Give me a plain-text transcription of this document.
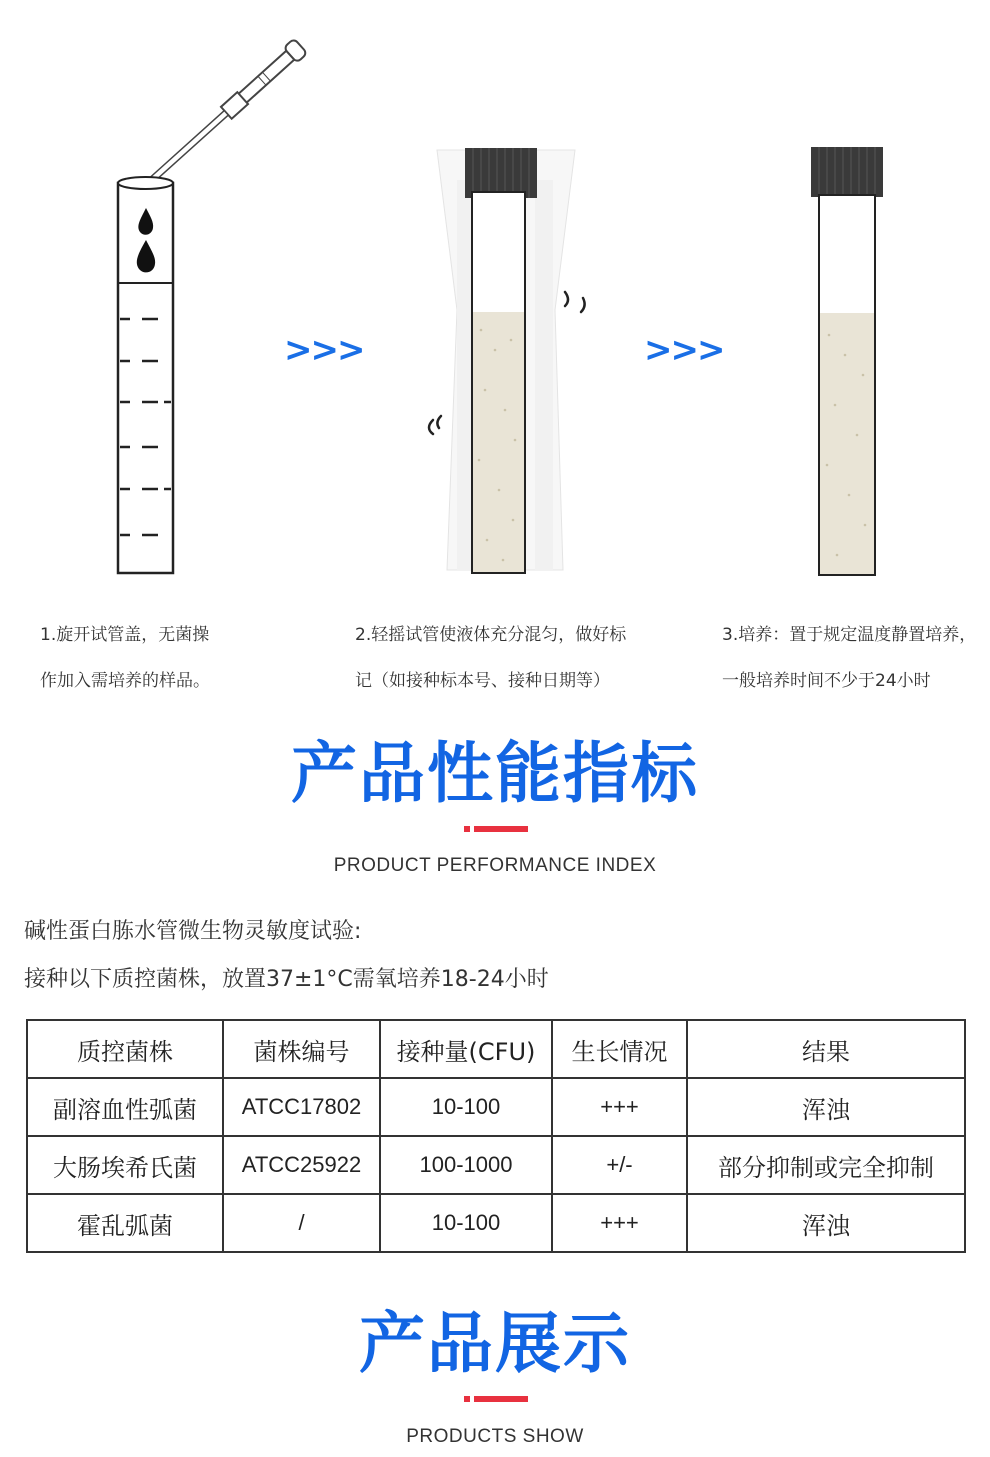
>>>	>>>
1.旋开试管盖，无菌操
作加入需培养的样品。
2.轻摇试管使液体充分混匀，做好标
记（如接种标本号、接种日期等）
3.培养：置于规定温度静置培养，
一般培养时间不少于24小时
产品性能指标
PRODUCT PERFORMANCE INDEX
碱性蛋白胨水管微生物灵敏度试验:
接种以下质控菌株，放置37±1°C需氧培养18-24小时
质控菌株	菌株编号	接种量(CFU)	生长情况	结果
副溶血性弧菌	ATCC17802	10-100	+++	浑浊
大肠埃希氏菌	ATCC25922	100-1000	+/-	部分抑制或完全抑制
霍乱弧菌	/	10-100	+++	浑浊
产品展示
PRODUCTS SHOW
